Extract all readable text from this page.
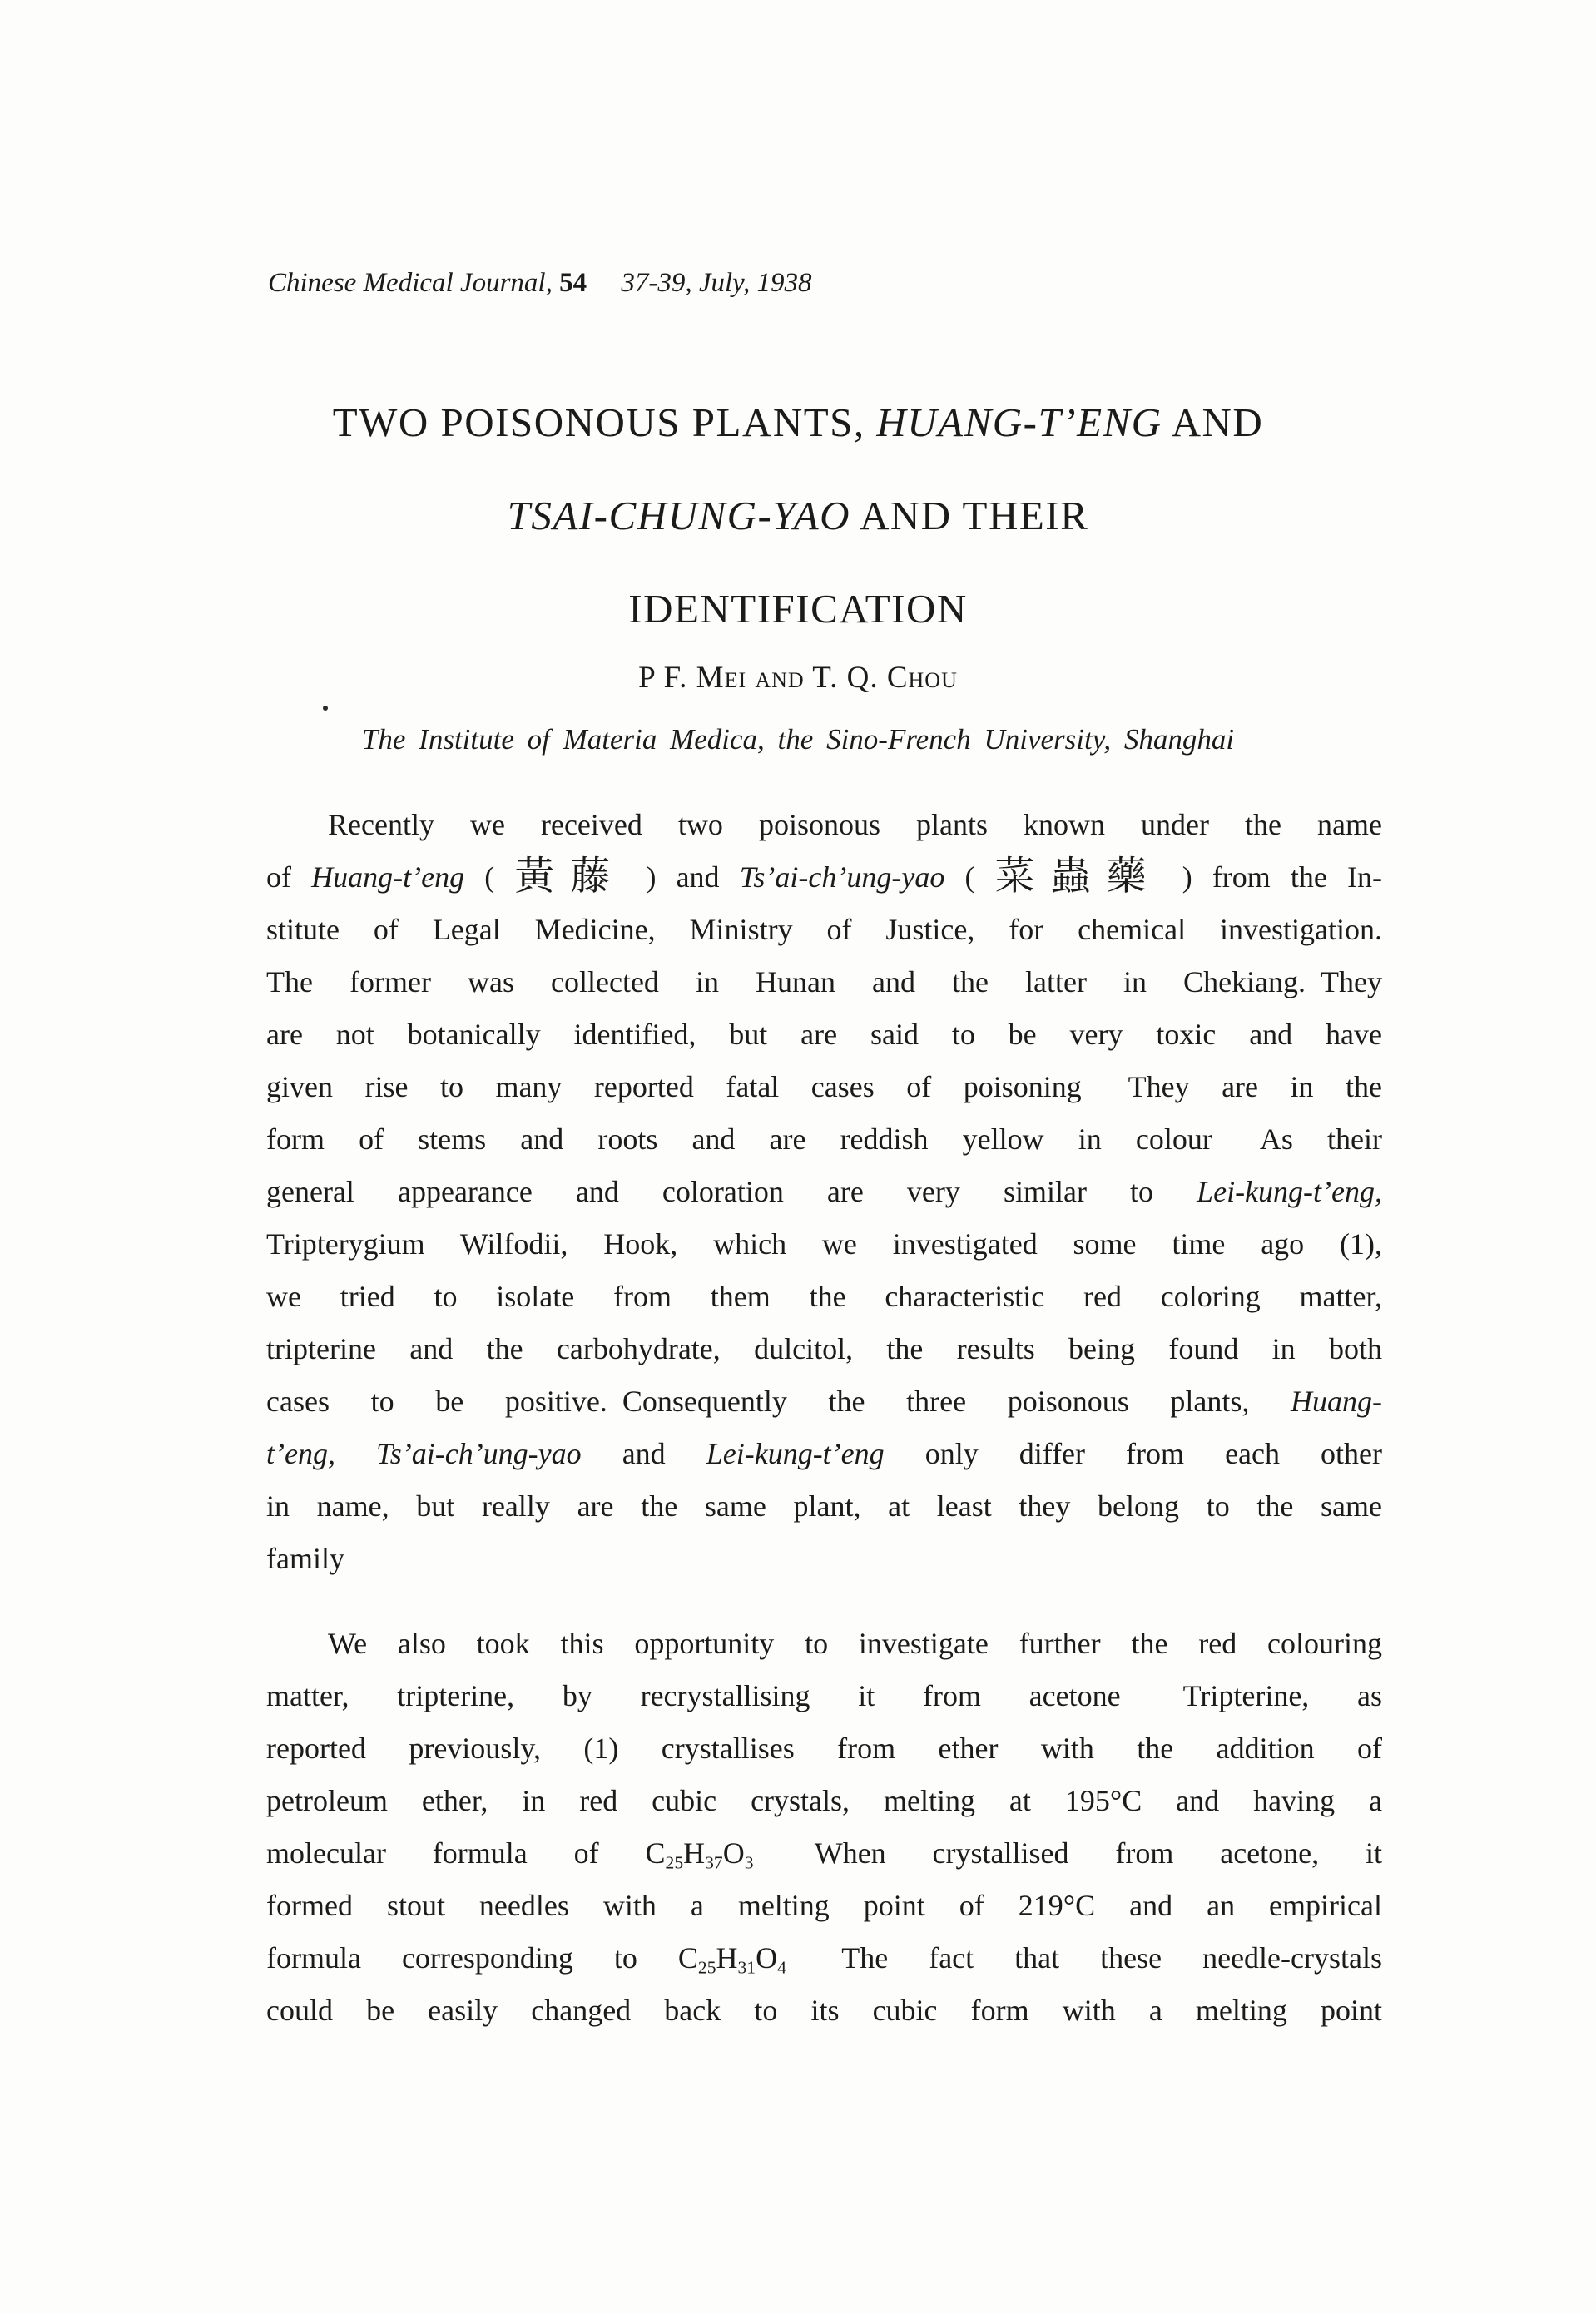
Chinese Medical Journal, 54  37-39, July, 1938
TWO POISONOUS PLANTS, HUANG-T’ENG AND
TSAI-CHUNG-YAO AND THEIR
IDENTIFICATION
P F. Mei and T. Q. Chou
The Institute of Materia Medica, the Sino-French University, Shanghai
Recently we received two poisonous plants known under the name
of Huang-t’eng ( 黃藤 ) and Ts’ai-ch’ung-yao ( 菜蟲藥 ) from the In-
stitute of Legal Medicine, Ministry of Justice, for chemical investigation.
The former was collected in Hunan and the latter in Chekiang. They
are not botanically identified, but are said to be very toxic and have
given rise to many reported fatal cases of poisoning  They are in the
form of stems and roots and are reddish yellow in colour  As their
general appearance and coloration are very similar to Lei-kung-t’eng,
Tripterygium Wilfodii, Hook, which we investigated some time ago (1),
we tried to isolate from them the characteristic red coloring matter,
tripterine and the carbohydrate, dulcitol, the results being found in both
cases to be positive. Consequently the three poisonous plants, Huang-
t’eng, Ts’ai-ch’ung-yao and Lei-kung-t’eng only differ from each other
in name, but really are the same plant, at least they belong to the same
family
We also took this opportunity to investigate further the red colouring
matter, tripterine, by recrystallising it from acetone  Tripterine, as
reported previously, (1) crystallises from ether with the addition of
petroleum ether, in red cubic crystals, melting at 195°C and having a
molecular formula of $C_{25}H_{37}O_3$  When crystallised from acetone, it
formed stout needles with a melting point of 219°C and an empirical
formula corresponding to $C_{25}H_{31}O_4$  The fact that these needle-crystals
could be easily changed back to its cubic form with a melting point
